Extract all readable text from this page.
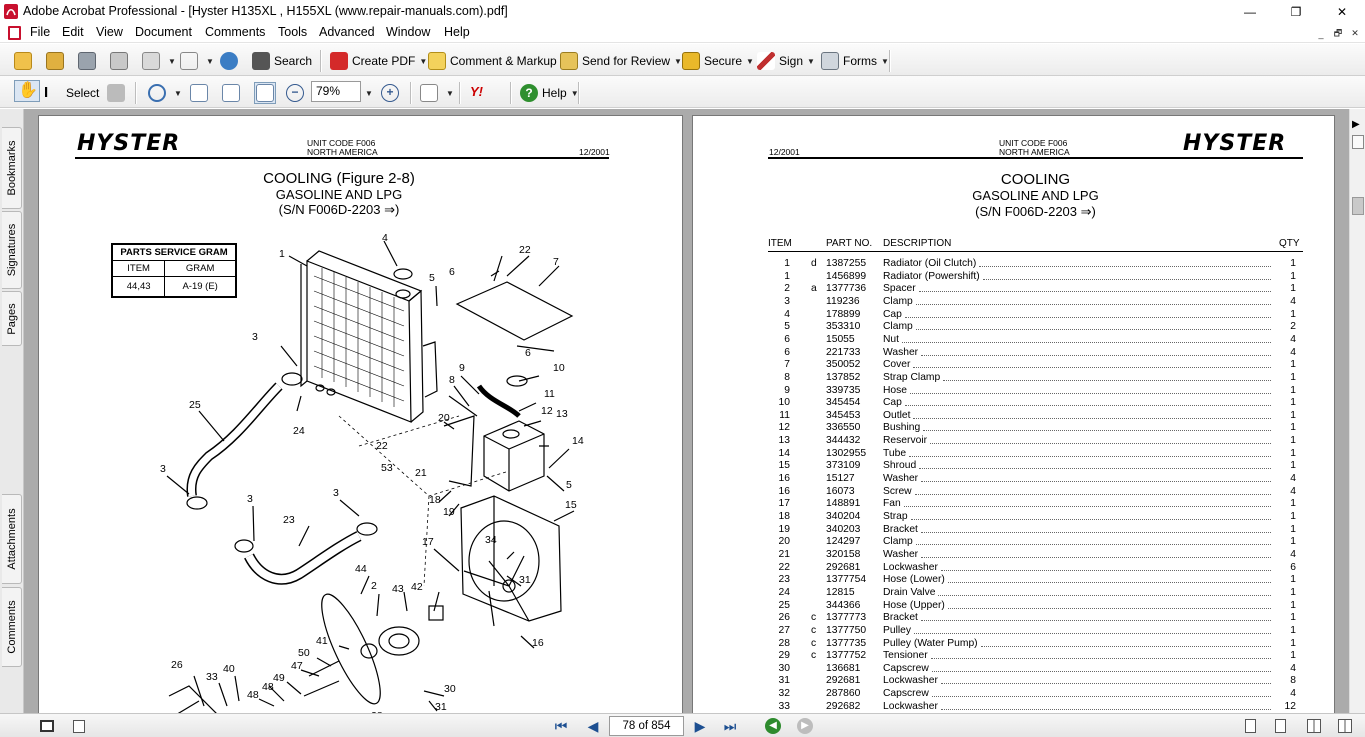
Adobe Acrobat Professional - [Hyster H135XL , H155XL (www.repair-manuals.com).pdf]	—	❐	✕
File Edit View Document Comments Tools Advanced Window Help	_	🗗	✕
▼	▼	Search	Create PDF ▼ Comment & Markup Send for Review ▼ Secure ▼ Sign ▼ Forms ▼
✋ I	Select	▼	−	79%	▼	+	▼ Y!	? Help ▼
Bookmarks
Signatures
Pages
Attachments
Comments
HYSTER	UNIT CODE F006
NORTH AMERICA	12/2001
COOLING (Figure 2-8)
GASOLINE AND LPG
(S/N F006D-2203 ⇒)
PARTS SERVICE GRAM	
ITEM	GRAM
44,43	A-19 (E)
1
4
22
7
6
5
6
3
25
24
9
8
10
11
20
12 13
22
53 21
14
5
3
18
19
3	3
23
15
17	34
31
44
2 43 42
16
41
50
47
49
48
48
33
40
26
30
31
12/2001
UNIT CODE F006
NORTH AMERICA	HYSTER
COOLING
GASOLINE AND LPG
(S/N F006D-2203 ⇒)
ITEM	PART NO. DESCRIPTION	QTY
1 d 1387255 Radiator (Oil Clutch)	1
1	1456899 Radiator (Powershift)	1
2 a 1377736 Spacer	1
3	119236 Clamp	4
4	178899 Cap	1
5	353310 Clamp	2
6	15055	Nut	4
6	221733 Washer	4
7	350052 Cover	1
8	137852 Strap Clamp	1
9	339735 Hose	1
10	345454 Cap	1
11	345453 Outlet	1
12	336550 Bushing	1
13	344432 Reservoir	1
14	1302955 Tube	1
15	373109 Shroud	1
16	15127	Washer	4
16	16073	Screw	4
17	148891 Fan	1
18	340204 Strap	1
19	340203 Bracket	1
20	124297 Clamp	1
21	320158 Washer	4
22	292681 Lockwasher	6
23	1377754 Hose (Lower)	1
24	12815	Drain Valve	1
25	344366 Hose (Upper)	1
26 c 1377773 Bracket	1
27 c 1377750 Pulley	1
28 c 1377735 Pulley (Water Pump)	1
29 c 1377752 Tensioner	1
30	136681 Capscrew	4
31	292681 Lockwasher	8
32	287860 Capscrew	4
33	292682 Lockwasher	12
▶
⏮	◀	78 of 854	▶	⏭	◀	▶
